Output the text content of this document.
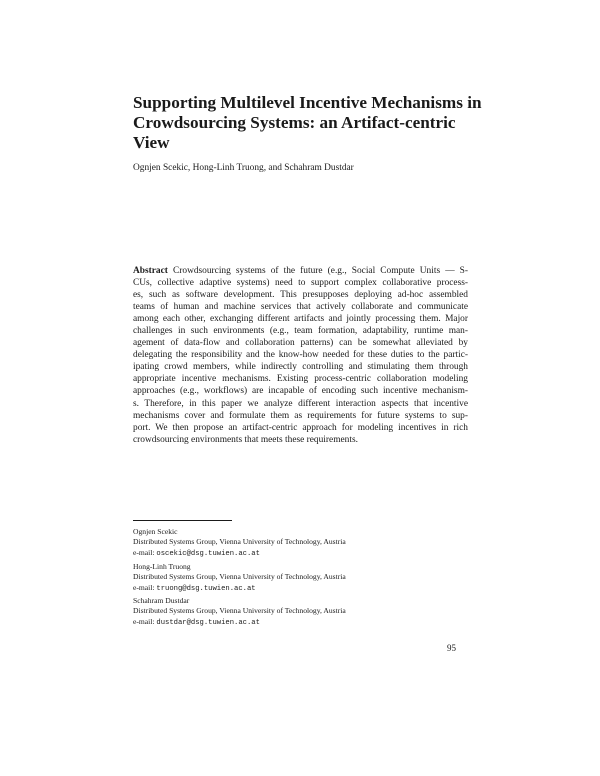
Supporting Multilevel Incentive Mechanisms in
Crowdsourcing Systems: an Artifact-centric
View
Ognjen Scekic, Hong-Linh Truong, and Schahram Dustdar
Abstract Crowdsourcing systems of the future (e.g., Social Compute Units — S-
CUs, collective adaptive systems) need to support complex collaborative process-
es, such as software development. This presupposes deploying ad-hoc assembled
teams of human and machine services that actively collaborate and communicate
among each other, exchanging different artifacts and jointly processing them. Major
challenges in such environments (e.g., team formation, adaptability, runtime man-
agement of data-flow and collaboration patterns) can be somewhat alleviated by
delegating the responsibility and the know-how needed for these duties to the partic-
ipating crowd members, while indirectly controlling and stimulating them through
appropriate incentive mechanisms. Existing process-centric collaboration modeling
approaches (e.g., workflows) are incapable of encoding such incentive mechanism-
s. Therefore, in this paper we analyze different interaction aspects that incentive
mechanisms cover and formulate them as requirements for future systems to sup-
port. We then propose an artifact-centric approach for modeling incentives in rich
crowdsourcing environments that meets these requirements.
Ognjen Scekic
Distributed Systems Group, Vienna University of Technology, Austria
e-mail: oscekic@dsg.tuwien.ac.at
Hong-Linh Truong
Distributed Systems Group, Vienna University of Technology, Austria
e-mail: truong@dsg.tuwien.ac.at
Schahram Dustdar
Distributed Systems Group, Vienna University of Technology, Austria
e-mail: dustdar@dsg.tuwien.ac.at
95
